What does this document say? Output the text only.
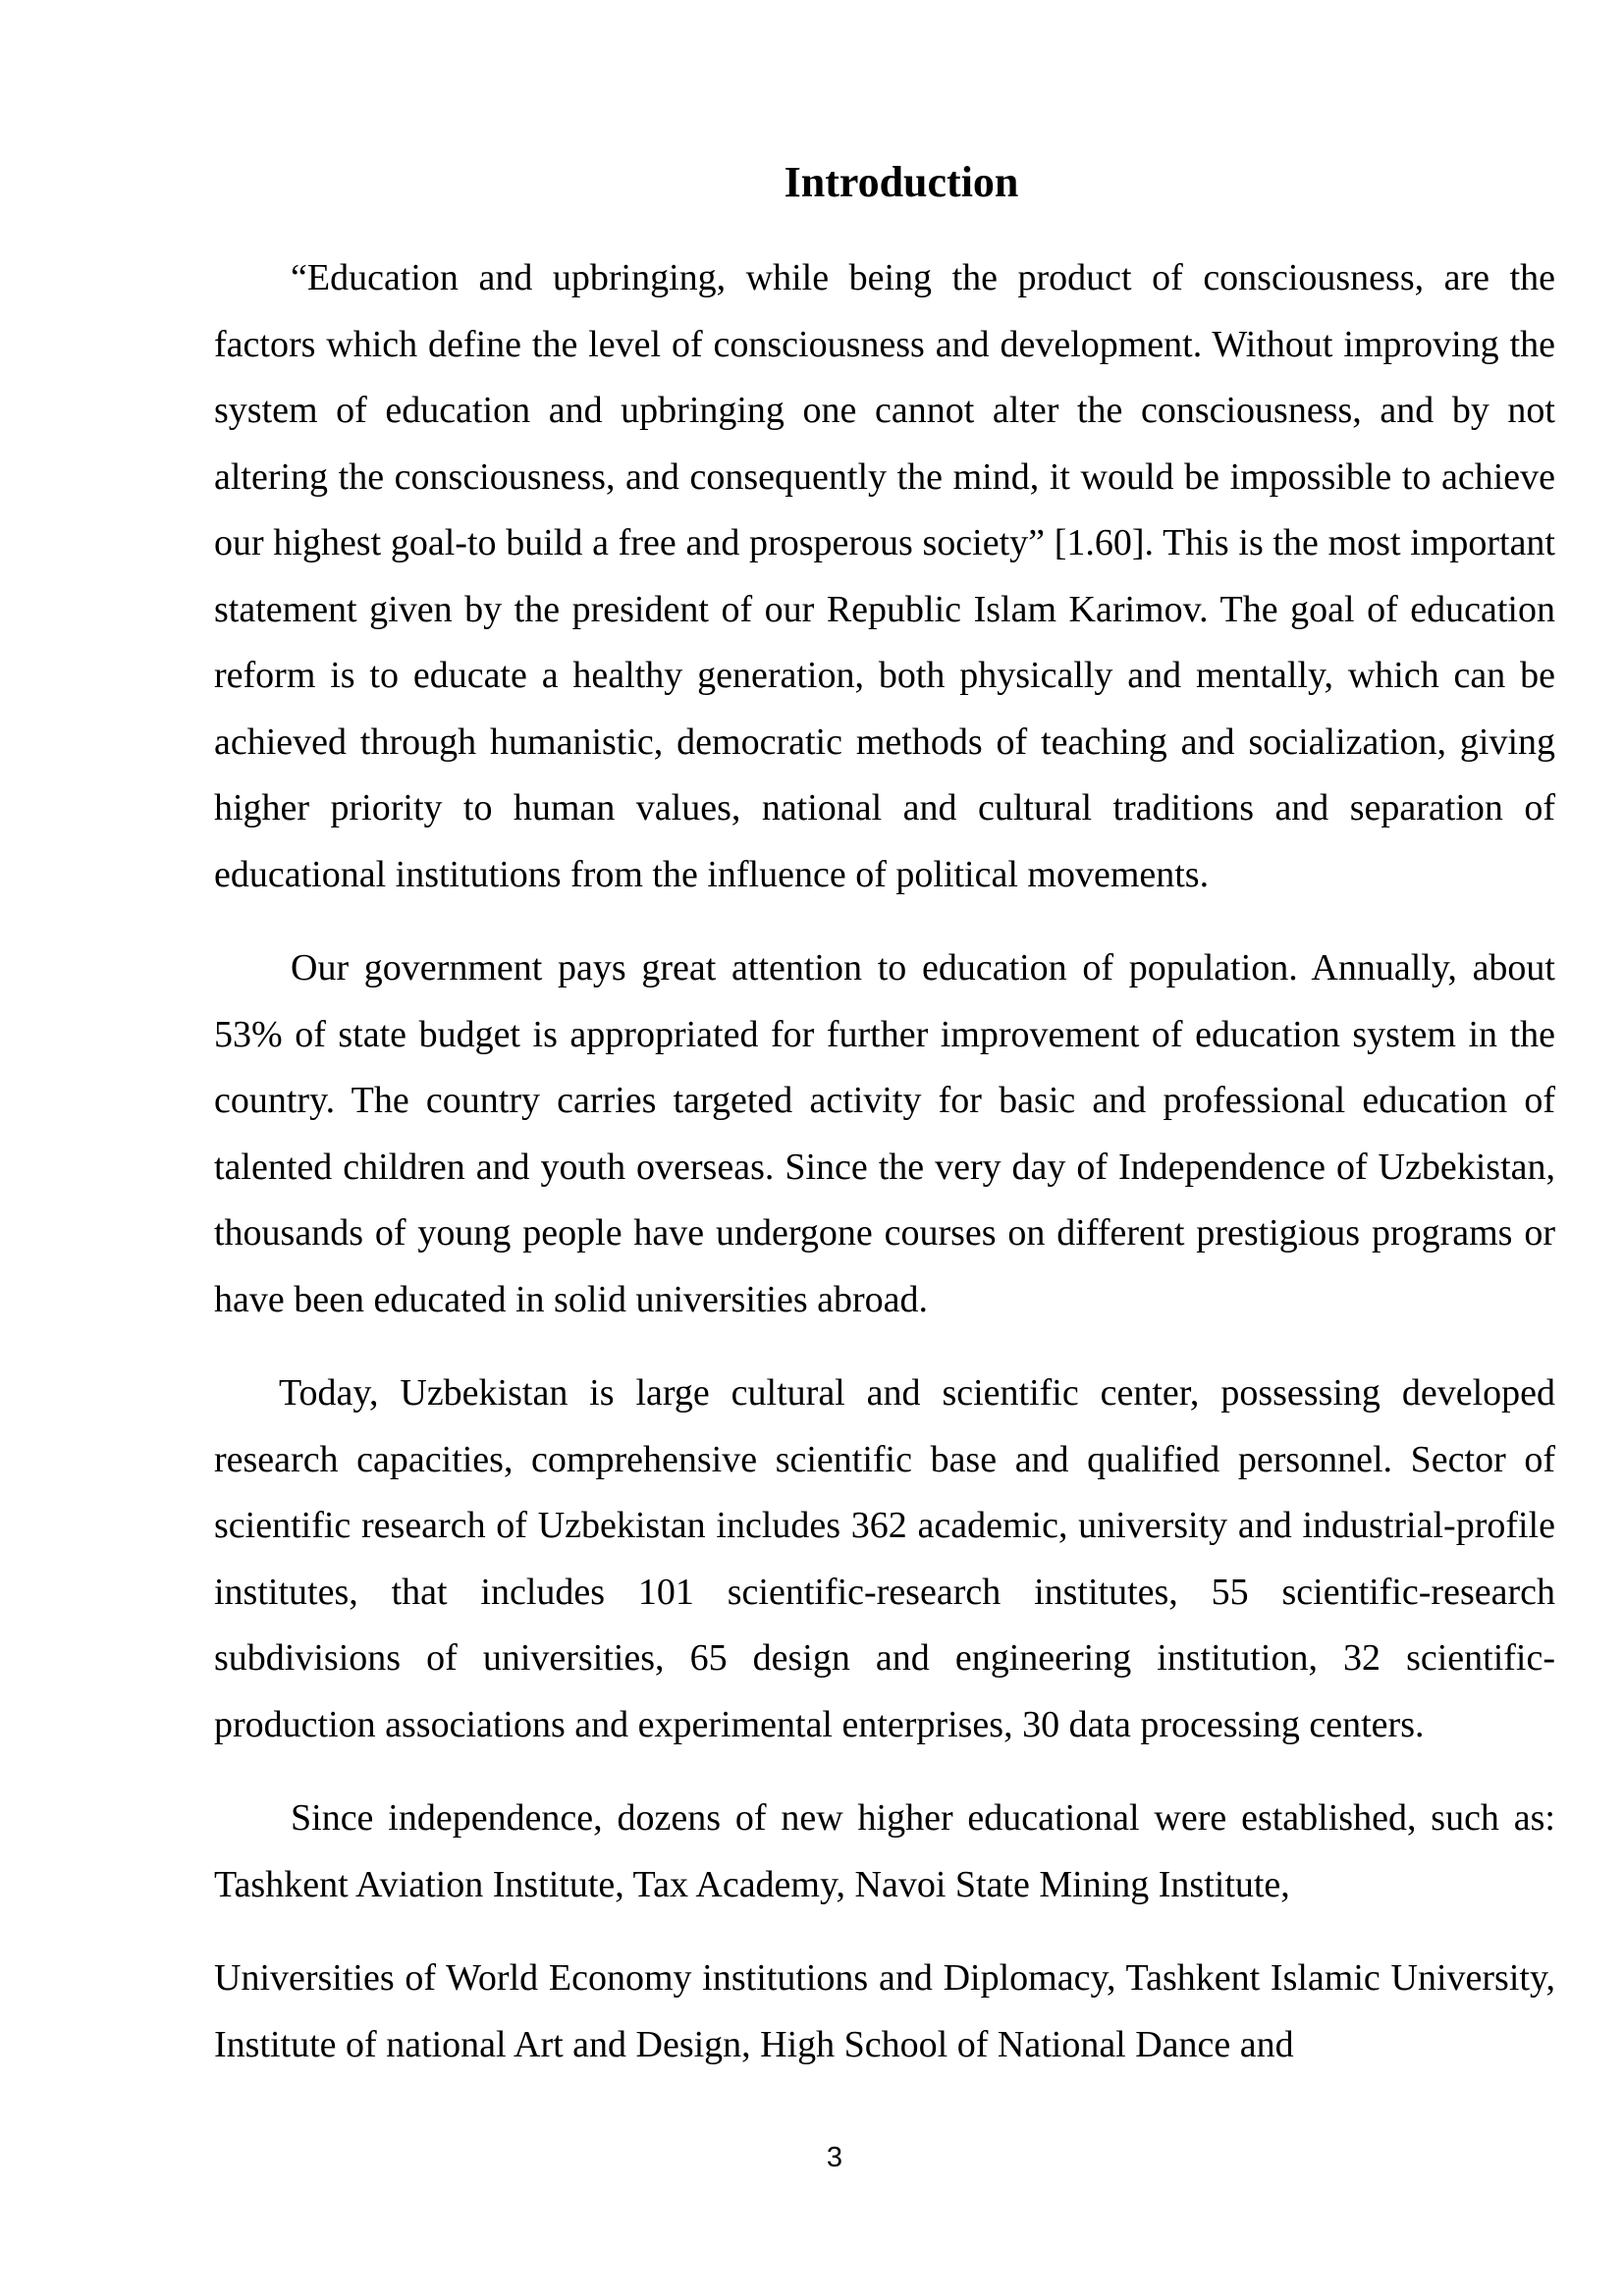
Introduction

“Education and upbringing, while being the product of consciousness, are the factors which define the level of consciousness and development. Without improving the system of education and upbringing one cannot alter the consciousness, and by not altering the consciousness, and consequently the mind, it would be impossible to achieve our highest goal-to build a free and prosperous society” [1.60]. This is the most important statement given by the president of our Republic Islam Karimov. The goal of education reform is to educate a healthy generation, both physically and mentally, which can be achieved through humanistic, democratic methods of teaching and socialization, giving higher priority to human values, national and cultural traditions and separation of educational institutions from the influence of political movements.

Our government pays great attention to education of population. Annually, about 53% of state budget is appropriated for further improvement of education system in the country. The country carries targeted activity for basic and professional education of talented children and youth overseas. Since the very day of Independence of Uzbekistan, thousands of young people have undergone courses on different prestigious programs or have been educated in solid universities abroad.

Today, Uzbekistan is large cultural and scientific center, possessing developed research capacities, comprehensive scientific base and qualified personnel. Sector of scientific research of Uzbekistan includes 362 academic, university and industrial-profile institutes, that includes 101 scientific-research institutes, 55 scientific-research subdivisions of universities, 65 design and engineering institution, 32 scientific-production associations and experimental enterprises, 30 data processing centers.

Since independence, dozens of new higher educational were established, such as: Tashkent Aviation Institute, Tax Academy, Navoi State Mining Institute,

Universities of World Economy institutions and Diplomacy, Tashkent Islamic University, Institute of national Art and Design, High School of National Dance and

3
